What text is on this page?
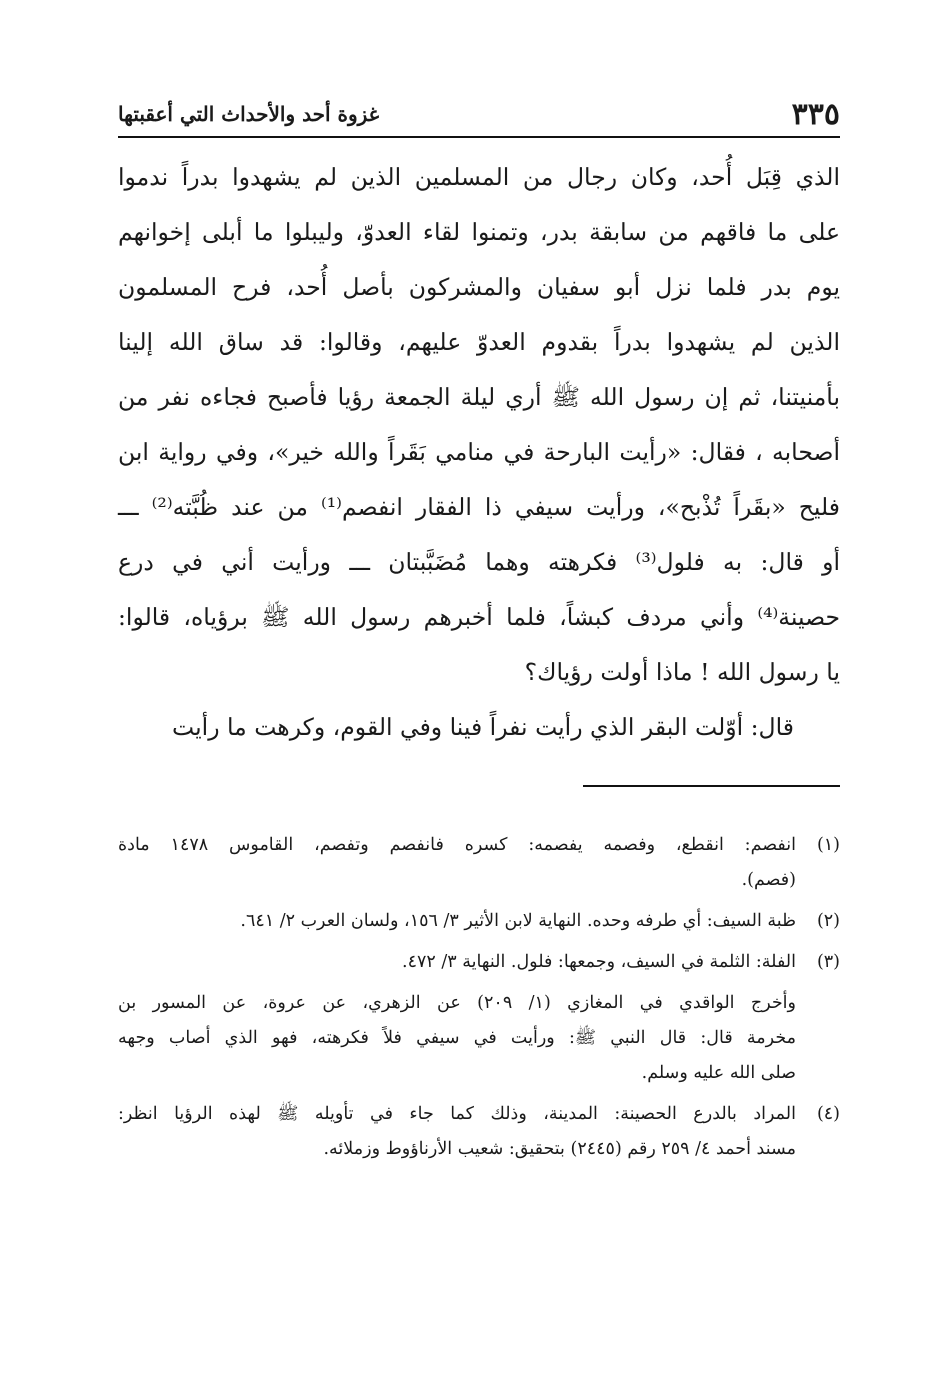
٣٣٥
غزوة أحد والأحداث التي أعقبتها
الذي قِبَل أُحد، وكان رجال من المسلمين الذين لم يشهدوا بدراً ندموا
على ما فاقهم من سابقة بدر، وتمنوا لقاء العدوّ، وليبلوا ما أبلى إخوانهم
يوم بدر فلما نزل أبو سفيان والمشركون بأصل أُحد، فرح المسلمون
الذين لم يشهدوا بدراً بقدوم العدوّ عليهم، وقالوا: قد ساق الله إلينا
بأمنيتنا، ثم إن رسول الله ﷺ أري ليلة الجمعة رؤيا فأصبح فجاءه نفر من
أصحابه ، فقال: «رأيت البارحة في منامي بَقَراً والله خير»، وفي رواية ابن
فليح «بقَراً تُذْبح»، ورأيت سيفي ذا الفقار انفصم⁽¹⁾ من عند ظُبَّته⁽²⁾ ـــ
أو قال: به فلول⁽³⁾ فكرهته وهما مُضَبَّبتان ـــ ورأيت أني في درع
حصينة⁽⁴⁾ وأني مردف كبشاً، فلما أخبرهم رسول الله ﷺ برؤياه، قالوا:
يا رسول الله ! ماذا أولت رؤياك؟
قال: أوّلت البقر الذي رأيت نفراً فينا وفي القوم، وكرهت ما رأيت
(١)
انفصم: انقطع، وفصمه يفصمه: كسره فانفصم وتفصم، القاموس ١٤٧٨ مادة
(فصم).
(٢)
ظبة السيف: أي طرفه وحده. النهاية لابن الأثير ٣/ ١٥٦، ولسان العرب ٢/ ٦٤١.
(٣)
الفلة: الثلمة في السيف، وجمعها: فلول. النهاية ٣/ ٤٧٢.
وأخرج الواقدي في المغازي (١/ ٢٠٩) عن الزهري، عن عروة، عن المسور بن
مخرمة قال: قال النبي ﷺ: ورأيت في سيفي فلاً فكرهته، فهو الذي أصاب وجهه
صلى الله عليه وسلم.
(٤)
المراد بالدرع الحصينة: المدينة، وذلك كما جاء في تأويله ﷺ لهذه الرؤيا انظر:
مسند أحمد ٤/ ٢٥٩ رقم (٢٤٤٥) بتحقيق: شعيب الأرناؤوط وزملائه.
